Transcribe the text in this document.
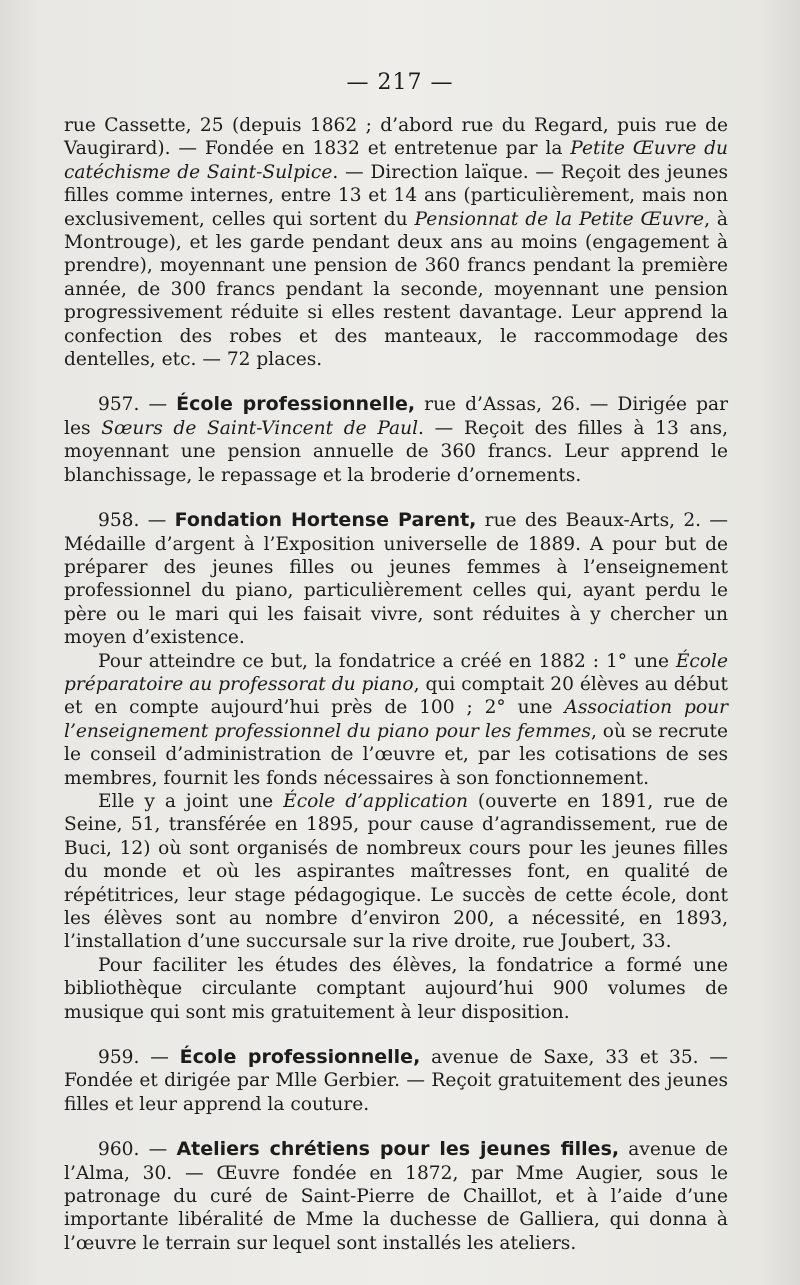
— 217 —

rue Cassette, 25 (depuis 1862 ; d’abord rue du Regard, puis rue de Vaugirard). — Fondée en 1832 et entretenue par la Petite Œuvre du catéchisme de Saint-Sulpice. — Direction laïque. — Reçoit des jeunes filles comme internes, entre 13 et 14 ans (particulièrement, mais non exclusivement, celles qui sortent du Pensionnat de la Petite Œuvre, à Montrouge), et les garde pendant deux ans au moins (engagement à prendre), moyennant une pension de 360 francs pendant la première année, de 300 francs pendant la seconde, moyennant une pension progressivement réduite si elles restent davantage. Leur apprend la confection des robes et des manteaux, le raccommodage des dentelles, etc. — 72 places.

957. — École professionnelle, rue d’Assas, 26. — Dirigée par les Sœurs de Saint-Vincent de Paul. — Reçoit des filles à 13 ans, moyennant une pension annuelle de 360 francs. Leur apprend le blanchissage, le repassage et la broderie d’ornements.

958. — Fondation Hortense Parent, rue des Beaux-Arts, 2. — Médaille d’argent à l’Exposition universelle de 1889. A pour but de préparer des jeunes filles ou jeunes femmes à l’enseignement professionnel du piano, particulièrement celles qui, ayant perdu le père ou le mari qui les faisait vivre, sont réduites à y chercher un moyen d’existence.

Pour atteindre ce but, la fondatrice a créé en 1882 : 1° une École préparatoire au professorat du piano, qui comptait 20 élèves au début et en compte aujourd’hui près de 100 ; 2° une Association pour l’enseignement professionnel du piano pour les femmes, où se recrute le conseil d’administration de l’œuvre et, par les cotisations de ses membres, fournit les fonds nécessaires à son fonctionnement.

Elle y a joint une École d’application (ouverte en 1891, rue de Seine, 51, transférée en 1895, pour cause d’agrandissement, rue de Buci, 12) où sont organisés de nombreux cours pour les jeunes filles du monde et où les aspirantes maîtresses font, en qualité de répétitrices, leur stage pédagogique. Le succès de cette école, dont les élèves sont au nombre d’environ 200, a nécessité, en 1893, l’installation d’une succursale sur la rive droite, rue Joubert, 33.

Pour faciliter les études des élèves, la fondatrice a formé une bibliothèque circulante comptant aujourd’hui 900 volumes de musique qui sont mis gratuitement à leur disposition.

959. — École professionnelle, avenue de Saxe, 33 et 35. — Fondée et dirigée par Mlle Gerbier. — Reçoit gratuitement des jeunes filles et leur apprend la couture.

960. — Ateliers chrétiens pour les jeunes filles, avenue de l’Alma, 30. — Œuvre fondée en 1872, par Mme Augier, sous le patronage du curé de Saint-Pierre de Chaillot, et à l’aide d’une importante libéralité de Mme la duchesse de Galliera, qui donna à l’œuvre le terrain sur lequel sont installés les ateliers.
